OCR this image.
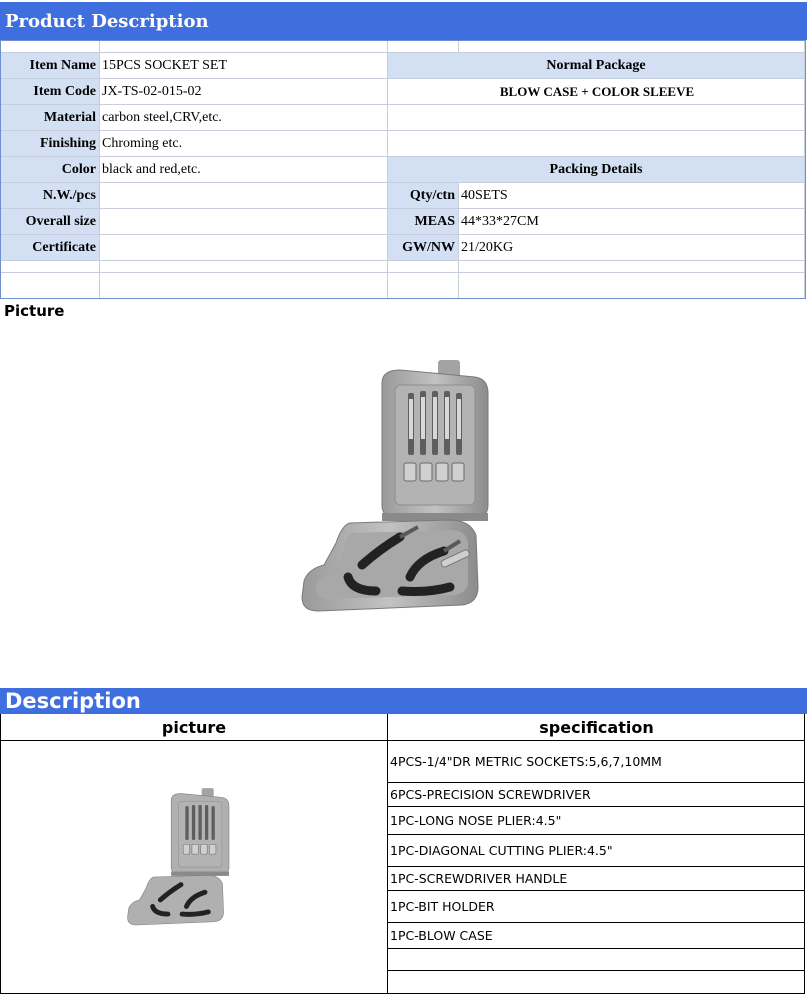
Product Description
Item Name 15PCS SOCKET SET	Normal Package
Item Code JX-TS-02-015-02	BLOW CASE + COLOR SLEEVE
Material carbon steel,CRV,etc.
Finishing Chroming etc.
Color black and red,etc.	Packing Details
N.W./pcs	Qty/ctn 40SETS
Overall size	MEAS 44*33*27CM
Certificate	GW/NW 21/20KG
Picture
Description
picture	specification
4PCS-1/4"DR METRIC SOCKETS:5,6,7,10MM
6PCS-PRECISION SCREWDRIVER
1PC-LONG NOSE PLIER:4.5"
1PC-DIAGONAL CUTTING PLIER:4.5"
1PC-SCREWDRIVER HANDLE
1PC-BIT HOLDER
1PC-BLOW CASE
